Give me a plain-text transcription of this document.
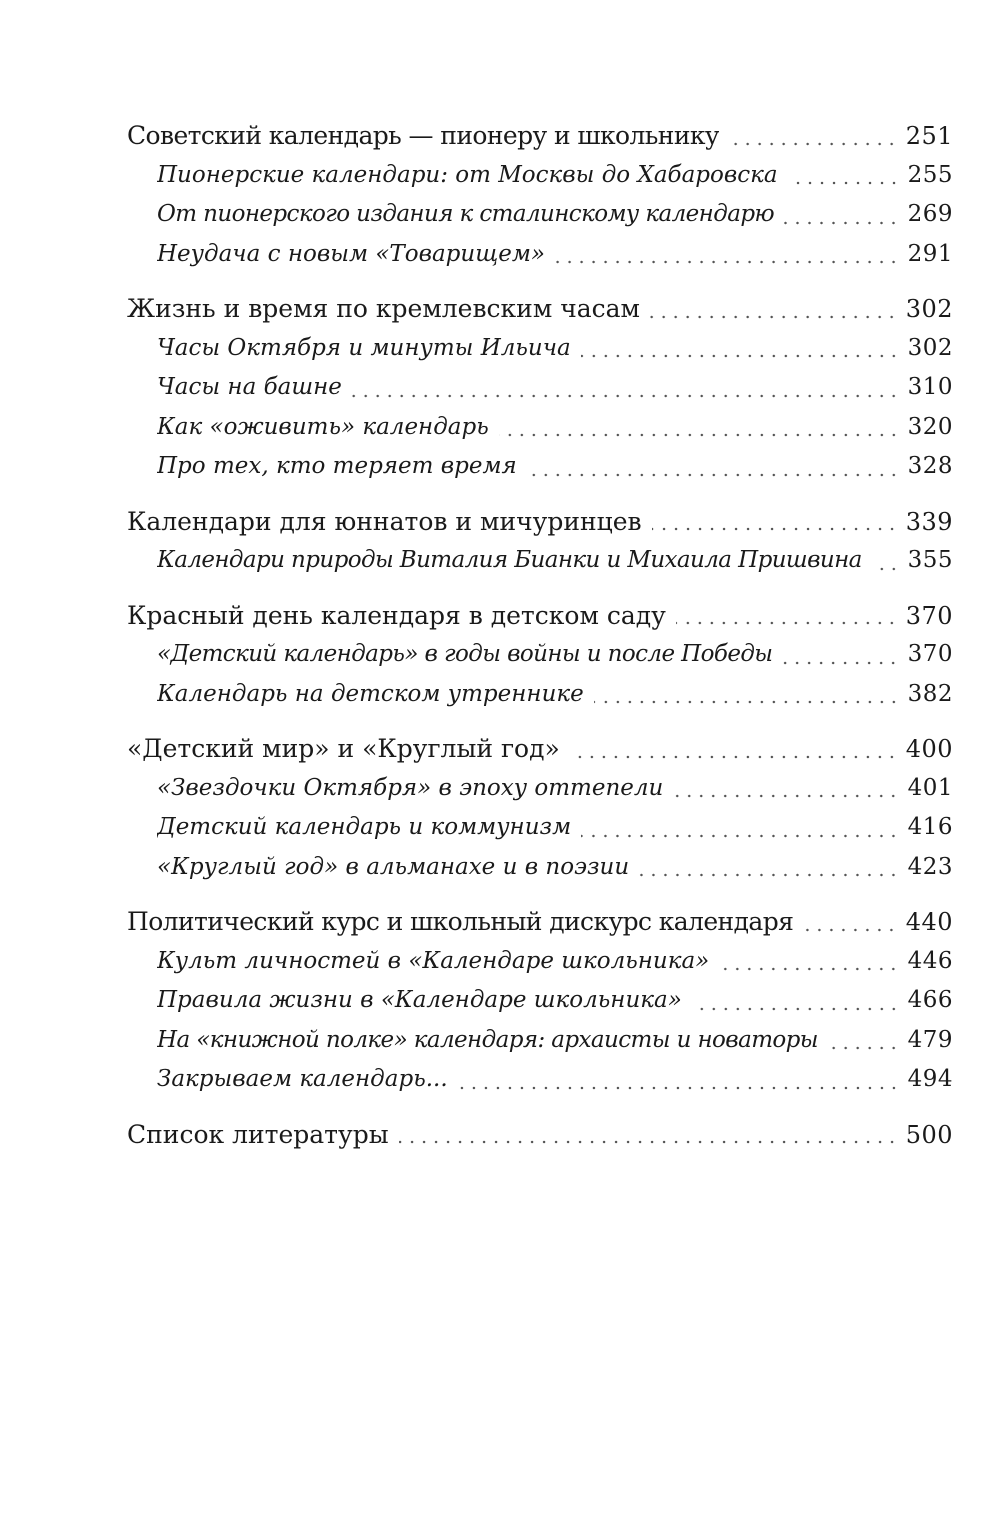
Советский календарь — пионеру и школьнику	251
Пионерские календари: от Москвы до Хабаровска	255
От пионерского издания к сталинскому календарю	269
Неудача с новым «Товарищем»	291
Жизнь и время по кремлевским часам	302
Часы Октября и минуты Ильича	302
Часы на башне	310
Как «оживить» календарь	320
Про тех, кто теряет время	328
Календари для юннатов и мичуринцев	339
Календари природы Виталия Бианки и Михаила Пришвина 355
Красный день календаря в детском саду	370
«Детский календарь» в годы войны и после Победы	370
Календарь на детском утреннике	382
«Детский мир» и «Круглый год»	400
«Звездочки Октября» в эпоху оттепели	401
Детский календарь и коммунизм	416
«Круглый год» в альманахе и в поэзии	423
Политический курс и школьный дискурс календаря	440
Культ личностей в «Календаре школьника»	446
Правила жизни в «Календаре школьника»	466
На «книжной полке» календаря: архаисты и новаторы	479
Закрываем календарь...	494
Список литературы	500
